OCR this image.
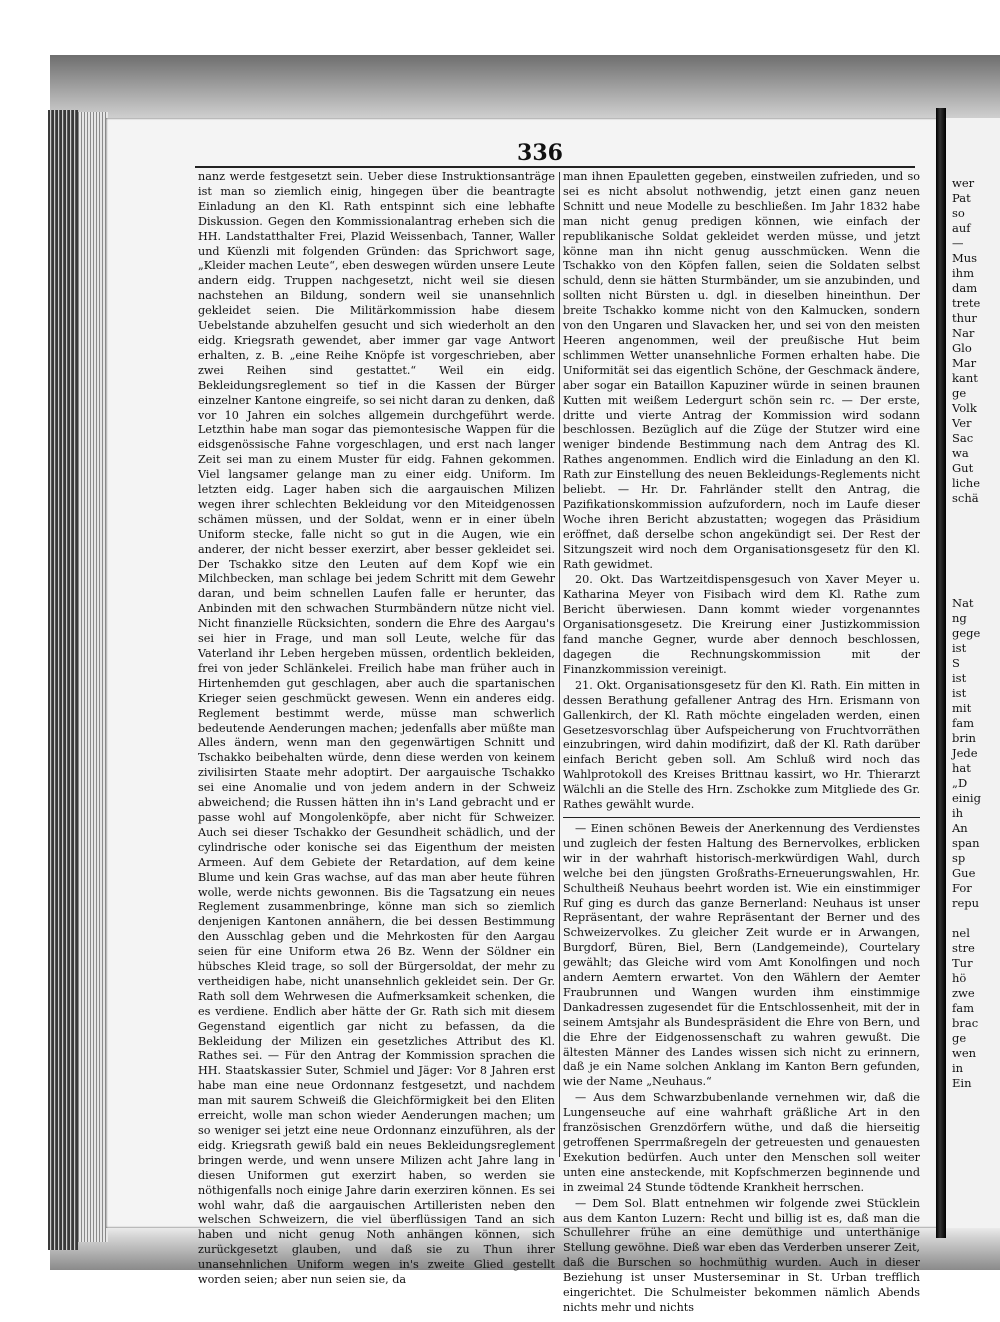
336

nanz werde festgesetzt sein. Ueber diese Instruktionsanträge ist man so ziemlich einig, hingegen über die beantragte Einladung an den Kl. Rath entspinnt sich eine lebhafte Diskussion. Gegen den Kommissionalantrag erheben sich die HH. Landstatthalter Frei, Plazid Weissenbach, Tanner, Waller und Küenzli mit folgenden Gründen: das Sprichwort sage, „Kleider machen Leute“, eben deswegen würden unsere Leute andern eidg. Truppen nachgesetzt, nicht weil sie diesen nachstehen an Bildung, sondern weil sie unansehnlich gekleidet seien. Die Militärkommission habe diesem Uebelstande abzuhelfen gesucht und sich wiederholt an den eidg. Kriegsrath gewendet, aber immer gar vage Antwort erhalten, z. B. „eine Reihe Knöpfe ist vorgeschrieben, aber zwei Reihen sind gestattet.“ Weil ein eidg. Bekleidungsreglement so tief in die Kassen der Bürger einzelner Kantone eingreife, so sei nicht daran zu denken, daß vor 10 Jahren ein solches allgemein durchgeführt werde. Letzthin habe man sogar das piemontesische Wappen für die eidsgenössische Fahne vorgeschlagen, und erst nach langer Zeit sei man zu einem Muster für eidg. Fahnen gekommen. Viel langsamer gelange man zu einer eidg. Uniform. Im letzten eidg. Lager haben sich die aargauischen Milizen wegen ihrer schlechten Bekleidung vor den Miteidgenossen schämen müssen, und der Soldat, wenn er in einer übeln Uniform stecke, falle nicht so gut in die Augen, wie ein anderer, der nicht besser exerzirt, aber besser gekleidet sei. Der Tschakko sitze den Leuten auf dem Kopf wie ein Milchbecken, man schlage bei jedem Schritt mit dem Gewehr daran, und beim schnellen Laufen falle er herunter, das Anbinden mit den schwachen Sturmbändern nütze nicht viel. Nicht finanzielle Rücksichten, sondern die Ehre des Aargau's sei hier in Frage, und man soll Leute, welche für das Vaterland ihr Leben hergeben müssen, ordentlich bekleiden, frei von jeder Schlänkelei. Freilich habe man früher auch in Hirtenhemden gut geschlagen, aber auch die spartanischen Krieger seien geschmückt gewesen. Wenn ein anderes eidg. Reglement bestimmt werde, müsse man schwerlich bedeutende Aenderungen machen; jedenfalls aber müßte man Alles ändern, wenn man den gegenwärtigen Schnitt und Tschakko beibehalten würde, denn diese werden von keinem zivilisirten Staate mehr adoptirt. Der aargauische Tschakko sei eine Anomalie und von jedem andern in der Schweiz abweichend; die Russen hätten ihn in's Land gebracht und er passe wohl auf Mongolenköpfe, aber nicht für Schweizer. Auch sei dieser Tschakko der Gesundheit schädlich, und der cylindrische oder konische sei das Eigenthum der meisten Armeen. Auf dem Gebiete der Retardation, auf dem keine Blume und kein Gras wachse, auf das man aber heute führen wolle, werde nichts gewonnen. Bis die Tagsatzung ein neues Reglement zusammenbringe, könne man sich so ziemlich denjenigen Kantonen annähern, die bei dessen Bestimmung den Ausschlag geben und die Mehrkosten für den Aargau seien für eine Uniform etwa 26 Bz. Wenn der Söldner ein hübsches Kleid trage, so soll der Bürgersoldat, der mehr zu vertheidigen habe, nicht unansehnlich gekleidet sein. Der Gr. Rath soll dem Wehrwesen die Aufmerksamkeit schenken, die es verdiene. Endlich aber hätte der Gr. Rath sich mit diesem Gegenstand eigentlich gar nicht zu befassen, da die Bekleidung der Milizen ein gesetzliches Attribut des Kl. Rathes sei. — Für den Antrag der Kommission sprachen die HH. Staatskassier Suter, Schmiel und Jäger: Vor 8 Jahren erst habe man eine neue Ordonnanz festgesetzt, und nachdem man mit saurem Schweiß die Gleichförmigkeit bei den Eliten erreicht, wolle man schon wieder Aenderungen machen; um so weniger sei jetzt eine neue Ordonnanz einzuführen, als der eidg. Kriegsrath gewiß bald ein neues Bekleidungsreglement bringen werde, und wenn unsere Milizen acht Jahre lang in diesen Uniformen gut exerzirt haben, so werden sie nöthigenfalls noch einige Jahre darin exerziren können. Es sei wohl wahr, daß die aargauischen Artilleristen neben den welschen Schweizern, die viel überflüssigen Tand an sich haben und nicht genug Noth anhängen können, sich zurückgesetzt glauben, und daß sie zu Thun ihrer unansehnlichen Uniform wegen in's zweite Glied gestellt worden seien; aber nun seien sie, da

man ihnen Epauletten gegeben, einstweilen zufrieden, und so sei es nicht absolut nothwendig, jetzt einen ganz neuen Schnitt und neue Modelle zu beschließen. Im Jahr 1832 habe man nicht genug predigen können, wie einfach der republikanische Soldat gekleidet werden müsse, und jetzt könne man ihn nicht genug ausschmücken. Wenn die Tschakko von den Köpfen fallen, seien die Soldaten selbst schuld, denn sie hätten Sturmbänder, um sie anzubinden, und sollten nicht Bürsten u. dgl. in dieselben hineinthun. Der breite Tschakko komme nicht von den Kalmucken, sondern von den Ungaren und Slavacken her, und sei von den meisten Heeren angenommen, weil der preußische Hut beim schlimmen Wetter unansehnliche Formen erhalten habe. Die Uniformität sei das eigentlich Schöne, der Geschmack ändere, aber sogar ein Bataillon Kapuziner würde in seinen braunen Kutten mit weißem Ledergurt schön sein rc. — Der erste, dritte und vierte Antrag der Kommission wird sodann beschlossen. Bezüglich auf die Züge der Stutzer wird eine weniger bindende Bestimmung nach dem Antrag des Kl. Rathes angenommen. Endlich wird die Einladung an den Kl. Rath zur Einstellung des neuen Bekleidungs-Reglements nicht beliebt. — Hr. Dr. Fahrländer stellt den Antrag, die Pazifikationskommission aufzufordern, noch im Laufe dieser Woche ihren Bericht abzustatten; wogegen das Präsidium eröffnet, daß derselbe schon angekündigt sei. Der Rest der Sitzungszeit wird noch dem Organisationsgesetz für den Kl. Rath gewidmet.

20. Okt. Das Wartzeitdispensgesuch von Xaver Meyer u. Katharina Meyer von Fisibach wird dem Kl. Rathe zum Bericht überwiesen. Dann kommt wieder vorgenanntes Organisationsgesetz. Die Kreirung einer Justizkommission fand manche Gegner, wurde aber dennoch beschlossen, dagegen die Rechnungskommission mit der Finanzkommission vereinigt.

21. Okt. Organisationsgesetz für den Kl. Rath. Ein mitten in dessen Berathung gefallener Antrag des Hrn. Erismann von Gallenkirch, der Kl. Rath möchte eingeladen werden, einen Gesetzesvorschlag über Aufspeicherung von Fruchtvorräthen einzubringen, wird dahin modifizirt, daß der Kl. Rath darüber einfach Bericht geben soll. Am Schluß wird noch das Wahlprotokoll des Kreises Brittnau kassirt, wo Hr. Thierarzt Wälchli an die Stelle des Hrn. Zschokke zum Mitgliede des Gr. Rathes gewählt wurde.

— Einen schönen Beweis der Anerkennung des Verdienstes und zugleich der festen Haltung des Bernervolkes, erblicken wir in der wahrhaft historisch-merkwürdigen Wahl, durch welche bei den jüngsten Großraths-Erneuerungswahlen, Hr. Schultheiß Neuhaus beehrt worden ist. Wie ein einstimmiger Ruf ging es durch das ganze Bernerland: Neuhaus ist unser Repräsentant, der wahre Repräsentant der Berner und des Schweizervolkes. Zu gleicher Zeit wurde er in Arwangen, Burgdorf, Büren, Biel, Bern (Landgemeinde), Courtelary gewählt; das Gleiche wird vom Amt Konolfingen und noch andern Aemtern erwartet. Von den Wählern der Aemter Fraubrunnen und Wangen wurden ihm einstimmige Dankadressen zugesendet für die Entschlossenheit, mit der in seinem Amtsjahr als Bundespräsident die Ehre von Bern, und die Ehre der Eidgenossenschaft zu wahren gewußt. Die ältesten Männer des Landes wissen sich nicht zu erinnern, daß je ein Name solchen Anklang im Kanton Bern gefunden, wie der Name „Neuhaus.“

— Aus dem Schwarzbubenlande vernehmen wir, daß die Lungenseuche auf eine wahrhaft gräßliche Art in den französischen Grenzdörfern wüthe, und daß die hierseitig getroffenen Sperrmaßregeln der getreuesten und genauesten Exekution bedürfen. Auch unter den Menschen soll weiter unten eine ansteckende, mit Kopfschmerzen beginnende und in zweimal 24 Stunde tödtende Krankheit herrschen.

— Dem Sol. Blatt entnehmen wir folgende zwei Stücklein aus dem Kanton Luzern: Recht und billig ist es, daß man die Schullehrer frühe an eine demüthige und unterthänige Stellung gewöhne. Dieß war eben das Verderben unserer Zeit, daß die Burschen so hochmüthig wurden. Auch in dieser Beziehung ist unser Musterseminar in St. Urban trefflich eingerichtet. Die Schulmeister bekommen nämlich Abends nichts mehr und nichts

wer
Pat
so
auf
—
Mus
ihm
dam
trete
thur
Nar
Glo
Mar
kant
ge
Volk
Ver
Sac
wa
Gut
liche
schä
Nat
ng
gege
ist
S
ist
ist
mit
fam
brin
Jede
hat
„D
einig
ih
An
span
sp
Gue
For
repu
nel
stre
Tur
hö
zwe
fam
brac
ge
wen
in
Ein
